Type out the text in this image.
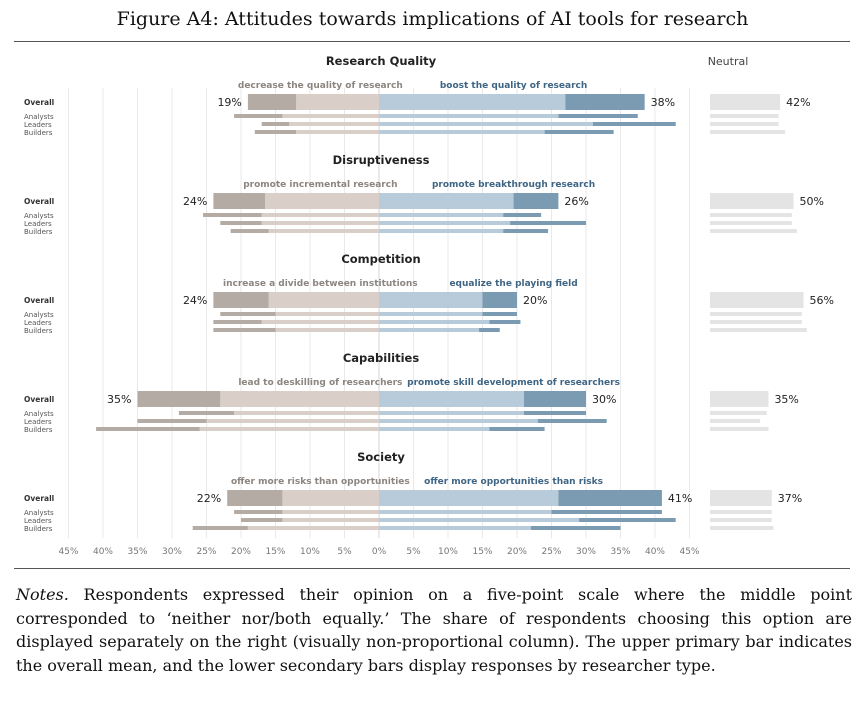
Figure A4: Attitudes towards implications of AI tools for research
Neutral
Research Quality
decrease the quality of research	boost the quality of research
Overall	19%	38%	42%
Analysts
Leaders
Builders
Disruptiveness
promote incremental research	promote breakthrough research
Overall	24%	26%	50%
Analysts
Leaders
Builders
Competition
increase a divide between institutions	equalize the playing field
Overall	24%	20%	56%
Analysts
Leaders
Builders
Capabilities
lead to deskilling of researchers promote skill development of researchers
Overall	35%	30%	35%
Analysts
Leaders
Builders
Society
offer more risks than opportunities offer more opportunities than risks
Overall	22%	41%	37%
Analysts
Leaders
Builders
45% 40% 35% 30% 25% 20% 15% 10% 5% 0% 5% 10% 15% 20% 25% 30% 35% 40% 45%

Notes. Respondents expressed their opinion on a five-point scale where the middle point corresponded to ‘neither nor/both equally.’ The share of respondents choosing this option are displayed separately on the right (visually non-proportional column). The upper primary bar indicates the overall mean, and the lower secondary bars display responses by researcher type.
